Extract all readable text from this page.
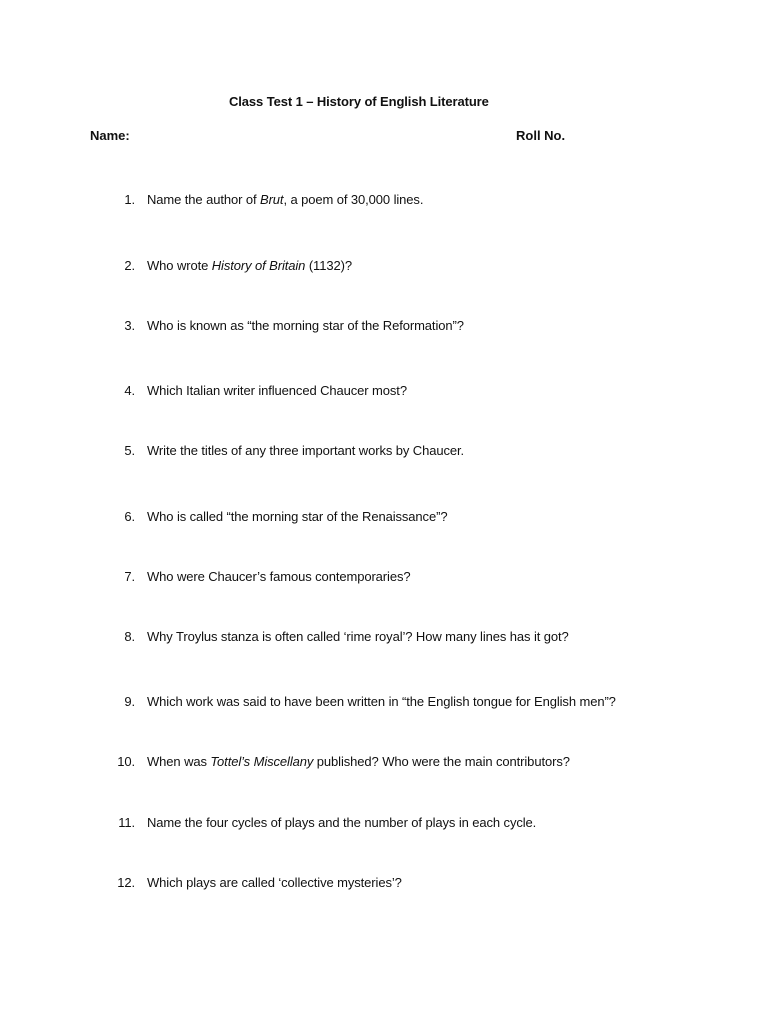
Class Test 1 – History of English Literature
Name:	Roll No.
1. Name the author of Brut, a poem of 30,000 lines.
2. Who wrote History of Britain (1132)?
3. Who is known as “the morning star of the Reformation”?
4. Which Italian writer influenced Chaucer most?
5. Write the titles of any three important works by Chaucer.
6. Who is called “the morning star of the Renaissance”?
7. Who were Chaucer’s famous contemporaries?
8. Why Troylus stanza is often called ‘rime royal’? How many lines has it got?
9. Which work was said to have been written in “the English tongue for English men”?
10. When was Tottel’s Miscellany published? Who were the main contributors?
11. Name the four cycles of plays and the number of plays in each cycle.
12. Which plays are called ‘collective mysteries’?
